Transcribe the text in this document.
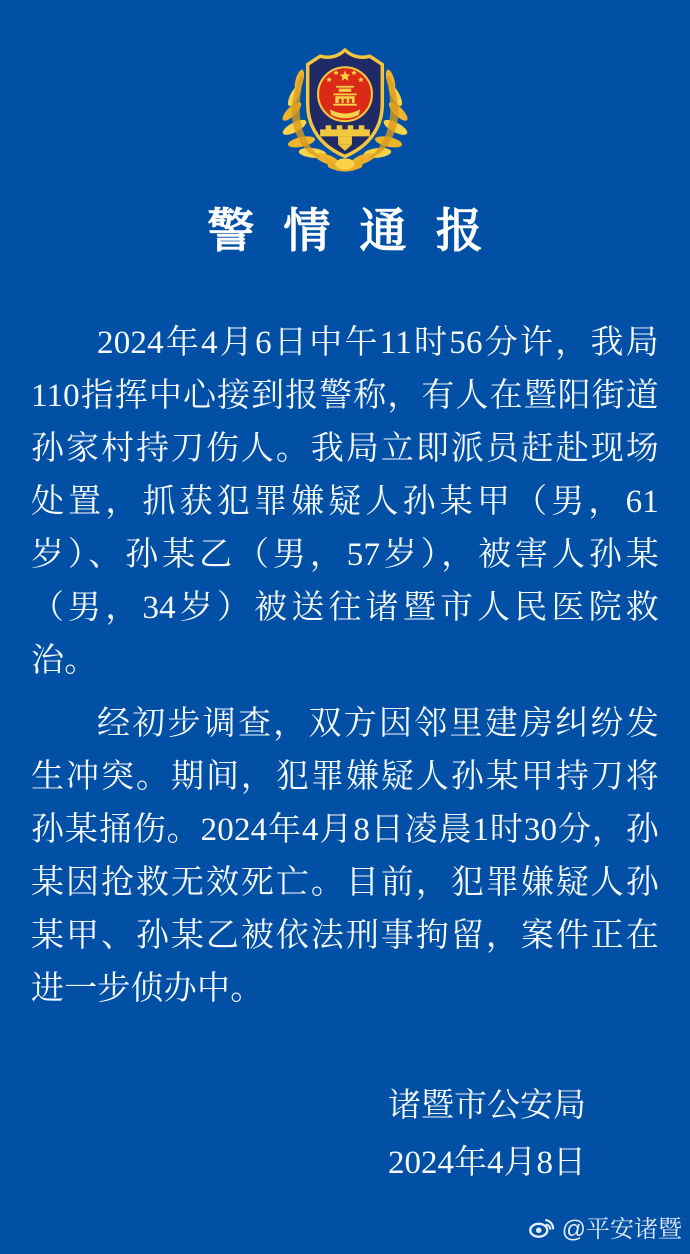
警情通报

2024年4月6日中午11时56分许，我局110指挥中心接到报警称，有人在暨阳街道孙家村持刀伤人。我局立即派员赶赴现场处置，抓获犯罪嫌疑人孙某甲（男，61岁）、孙某乙（男，57岁），被害人孙某（男，34岁）被送往诸暨市人民医院救治。

经初步调查，双方因邻里建房纠纷发生冲突。期间，犯罪嫌疑人孙某甲持刀将孙某捅伤。2024年4月8日凌晨1时30分，孙某因抢救无效死亡。目前，犯罪嫌疑人孙某甲、孙某乙被依法刑事拘留，案件正在进一步侦办中。

诸暨市公安局
2024年4月8日
@平安诸暨
